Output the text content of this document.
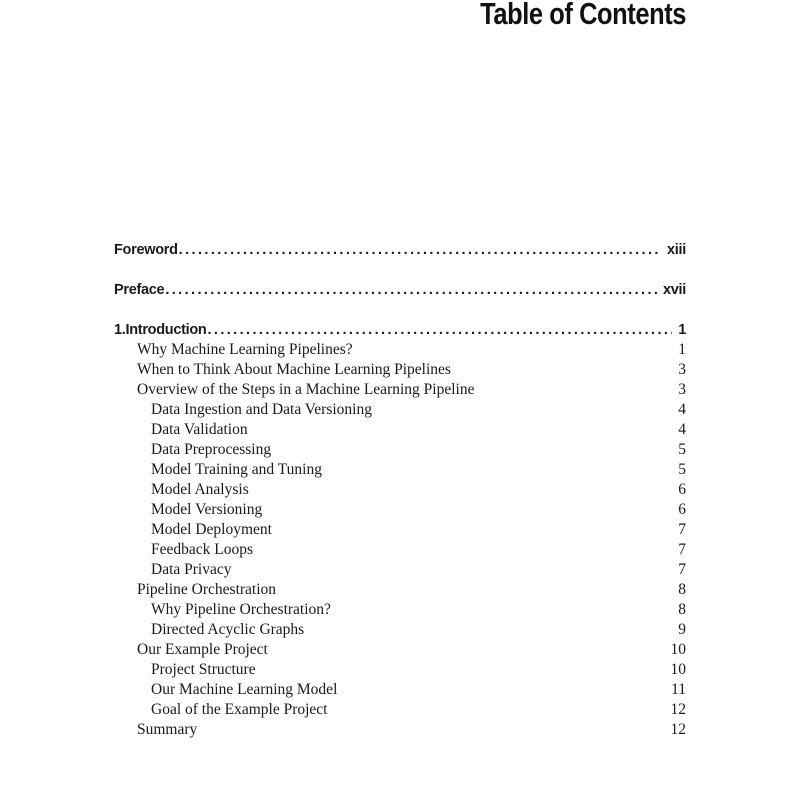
Table of Contents
Foreword .....	xiii
Preface .....	xvii
1. Introduction .....	1
Why Machine Learning Pipelines?	1
When to Think About Machine Learning Pipelines	3
Overview of the Steps in a Machine Learning Pipeline	3
Data Ingestion and Data Versioning	4
Data Validation	4
Data Preprocessing	5
Model Training and Tuning	5
Model Analysis	6
Model Versioning	6
Model Deployment	7
Feedback Loops	7
Data Privacy	7
Pipeline Orchestration	8
Why Pipeline Orchestration?	8
Directed Acyclic Graphs	9
Our Example Project	10
Project Structure	10
Our Machine Learning Model	11
Goal of the Example Project	12
Summary	12
